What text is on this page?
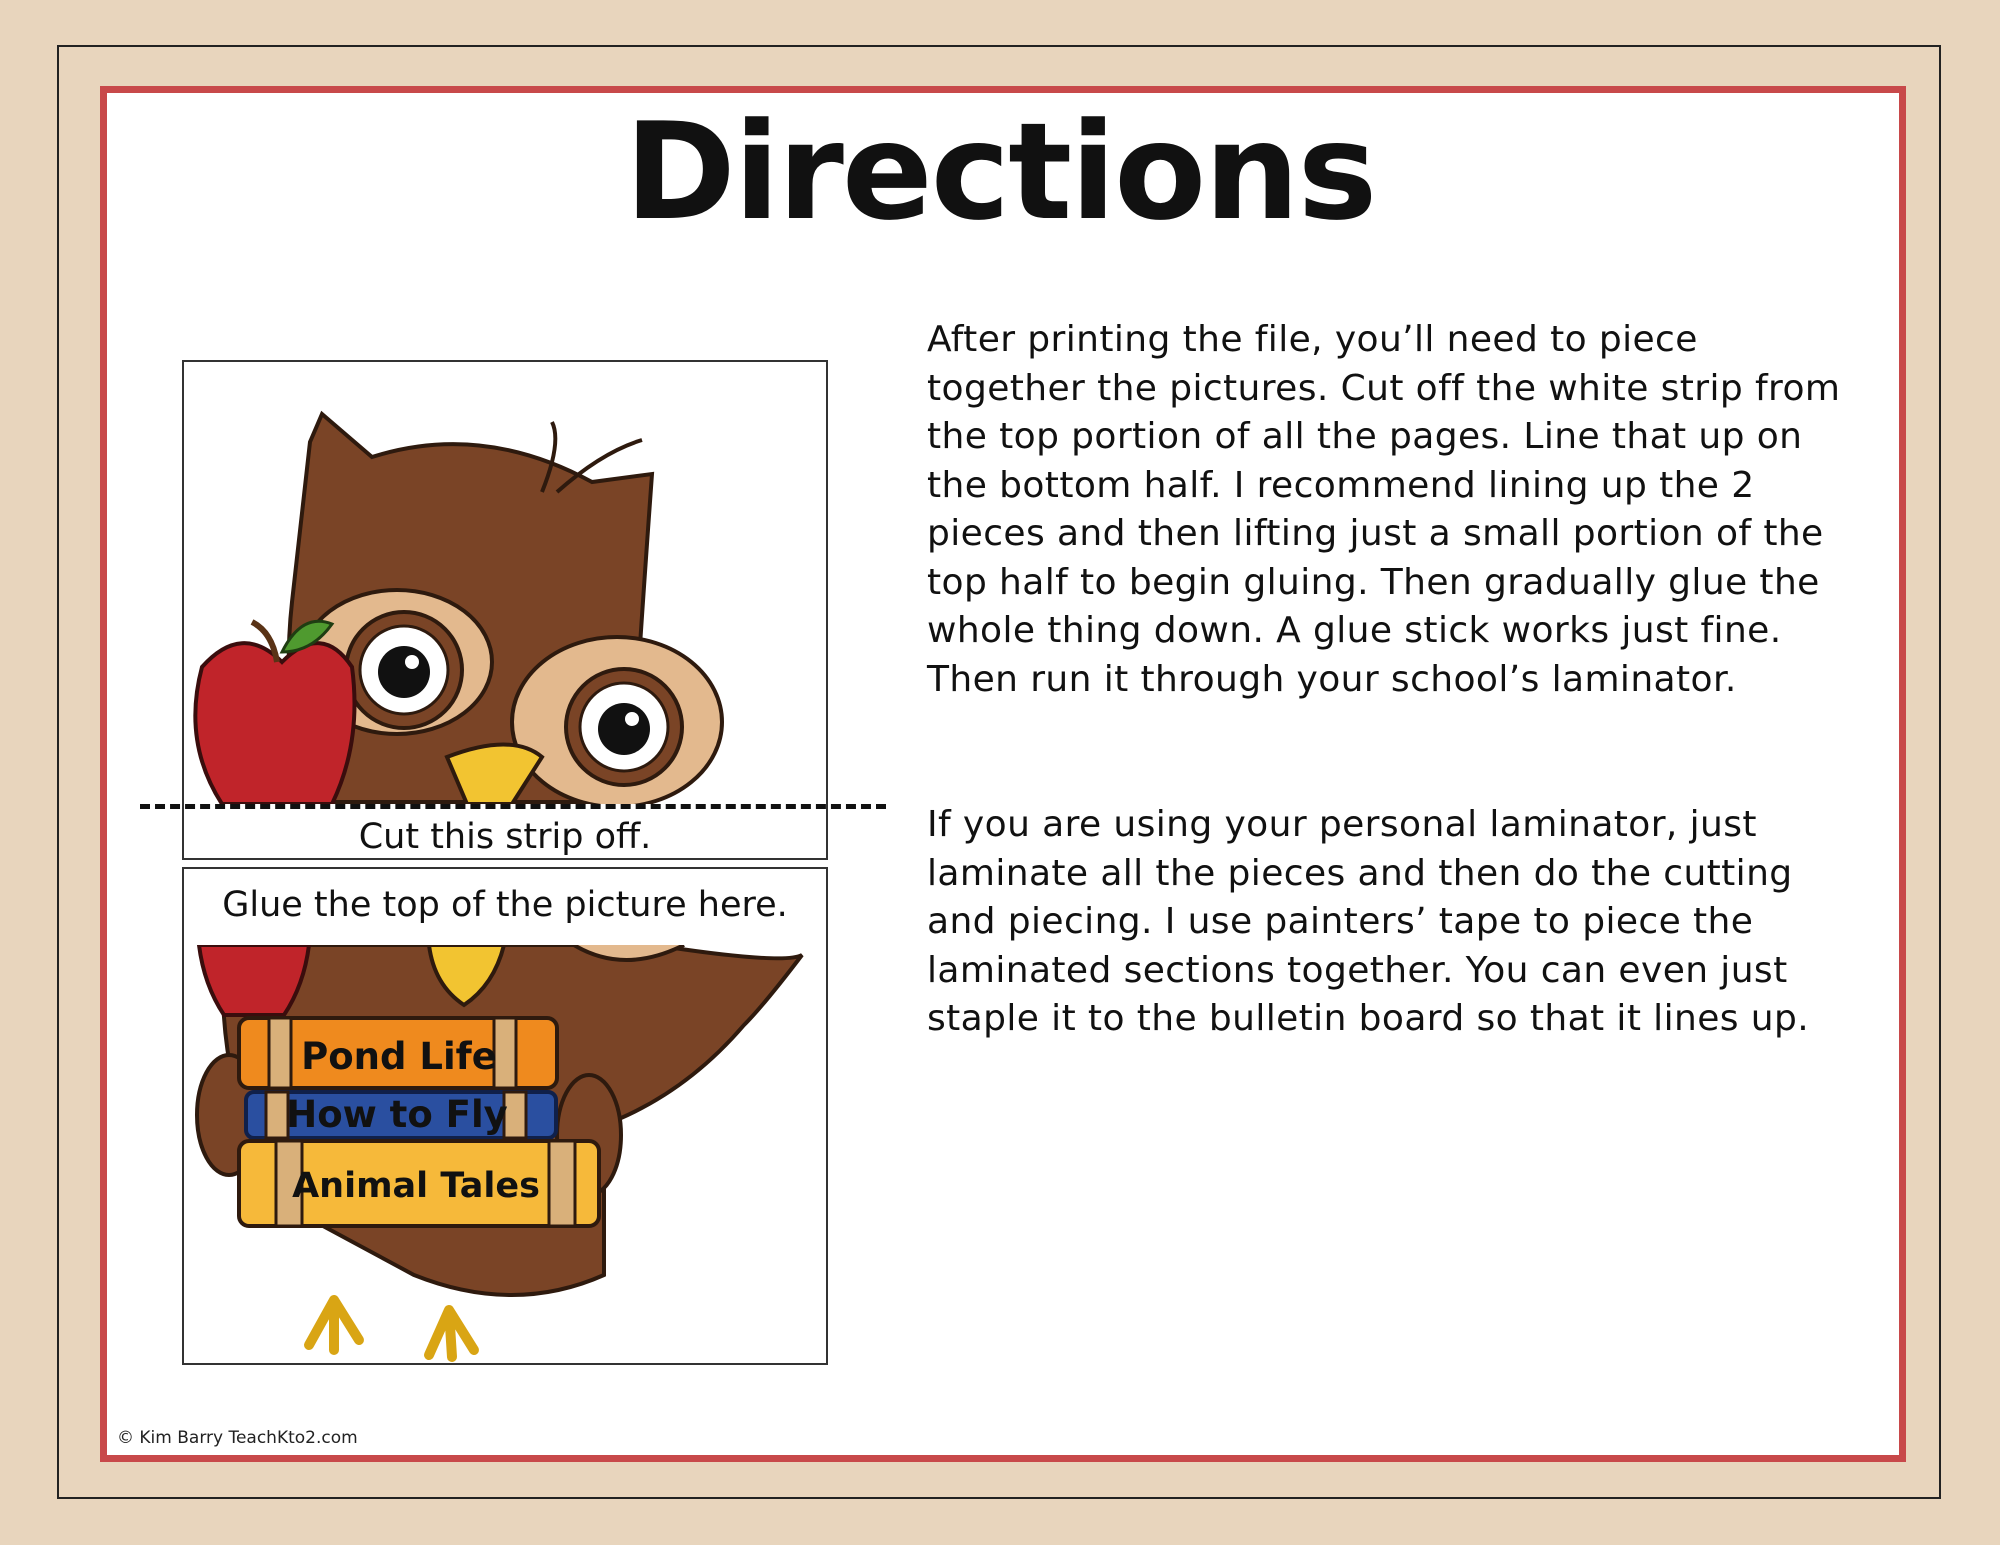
Directions
Cut this strip off.
Glue the top of the picture here.
Pond Life
How to Fly
Animal Tales

After printing the file, you’ll need to piece together the pictures. Cut off the white strip from the top portion of all the pages. Line that up on the bottom half. I recommend lining up the 2 pieces and then lifting just a small portion of the top half to begin gluing. Then gradually glue the whole thing down. A glue stick works just fine. Then run it through your school’s laminator.

If you are using your personal laminator, just laminate all the pieces and then do the cutting and piecing. I use painters’ tape to piece the laminated sections together. You can even just staple it to the bulletin board so that it lines up.

© Kim Barry TeachKto2.com
